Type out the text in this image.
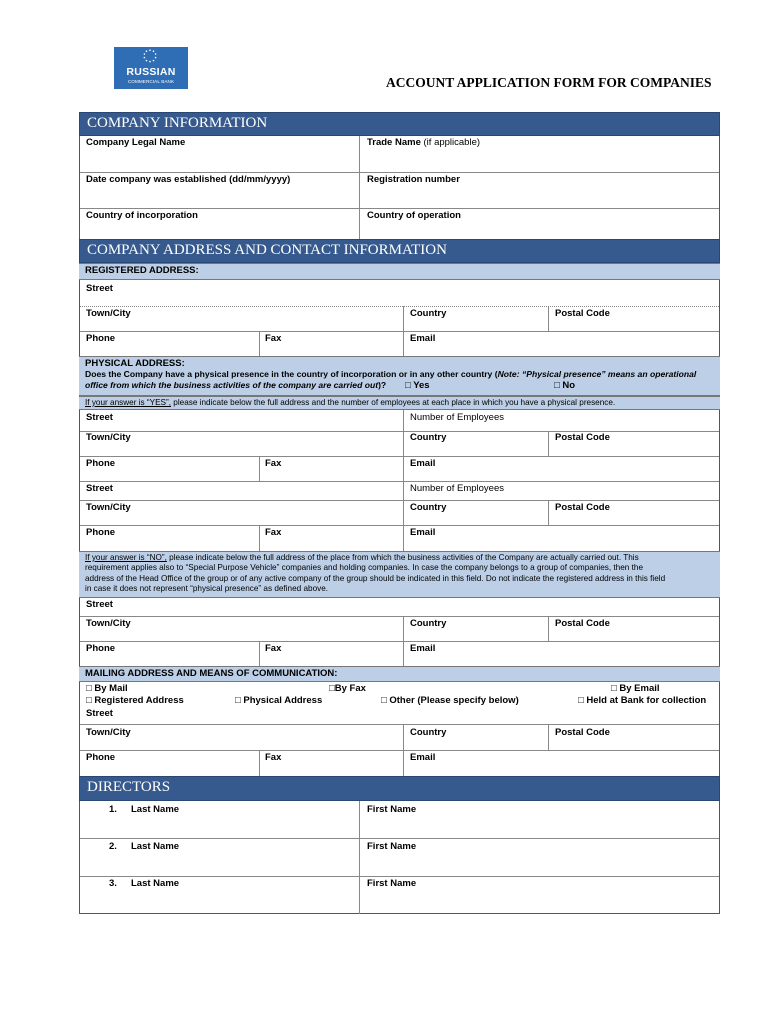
RUSSIAN
COMMERCIAL BANK	ACCOUNT APPLICATION FORM FOR COMPANIES
COMPANY INFORMATION
Company Legal Name	Trade Name (if applicable)
Date company was established (dd/mm/yyyy)	Registration number
Country of incorporation	Country of operation
COMPANY ADDRESS AND CONTACT INFORMATION
REGISTERED ADDRESS:
Street
Town/City	Country	Postal Code
Phone	Fax	Email
PHYSICAL ADDRESS:
Does the Company have a physical presence in the country of incorporation or in any other country (Note: “Physical presence” means an operational
office from which the business activities of the company are carried out)?	□ Yes	□ No
If your answer is “YES”, please indicate below the full address and the number of employees at each place in which you have a physical presence.
Street	Number of Employees
Town/City	Country	Postal Code
Phone	Fax	Email
Street	Number of Employees
Town/City	Country	Postal Code
Phone	Fax	Email
If your answer is “NO”, please indicate below the full address of the place from which the business activities of the Company are actually carried out. This
requirement applies also to “Special Purpose Vehicle” companies and holding companies. In case the company belongs to a group of companies, then the
address of the Head Office of the group or of any active company of the group should be indicated in this field. Do not indicate the registered address in this field
in case it does not represent “physical presence” as defined above.
Street
Town/City	Country	Postal Code
Phone	Fax	Email
MAILING ADDRESS AND MEANS OF COMMUNICATION:
□ By Mail	□By Fax	□ By Email
□ Registered Address	□ Physical Address	□ Other (Please specify below)	□ Held at Bank for collection
Street
Town/City	Country	Postal Code
Phone	Fax	Email
DIRECTORS
1. Last Name	First Name
2. Last Name	First Name
3. Last Name	First Name
